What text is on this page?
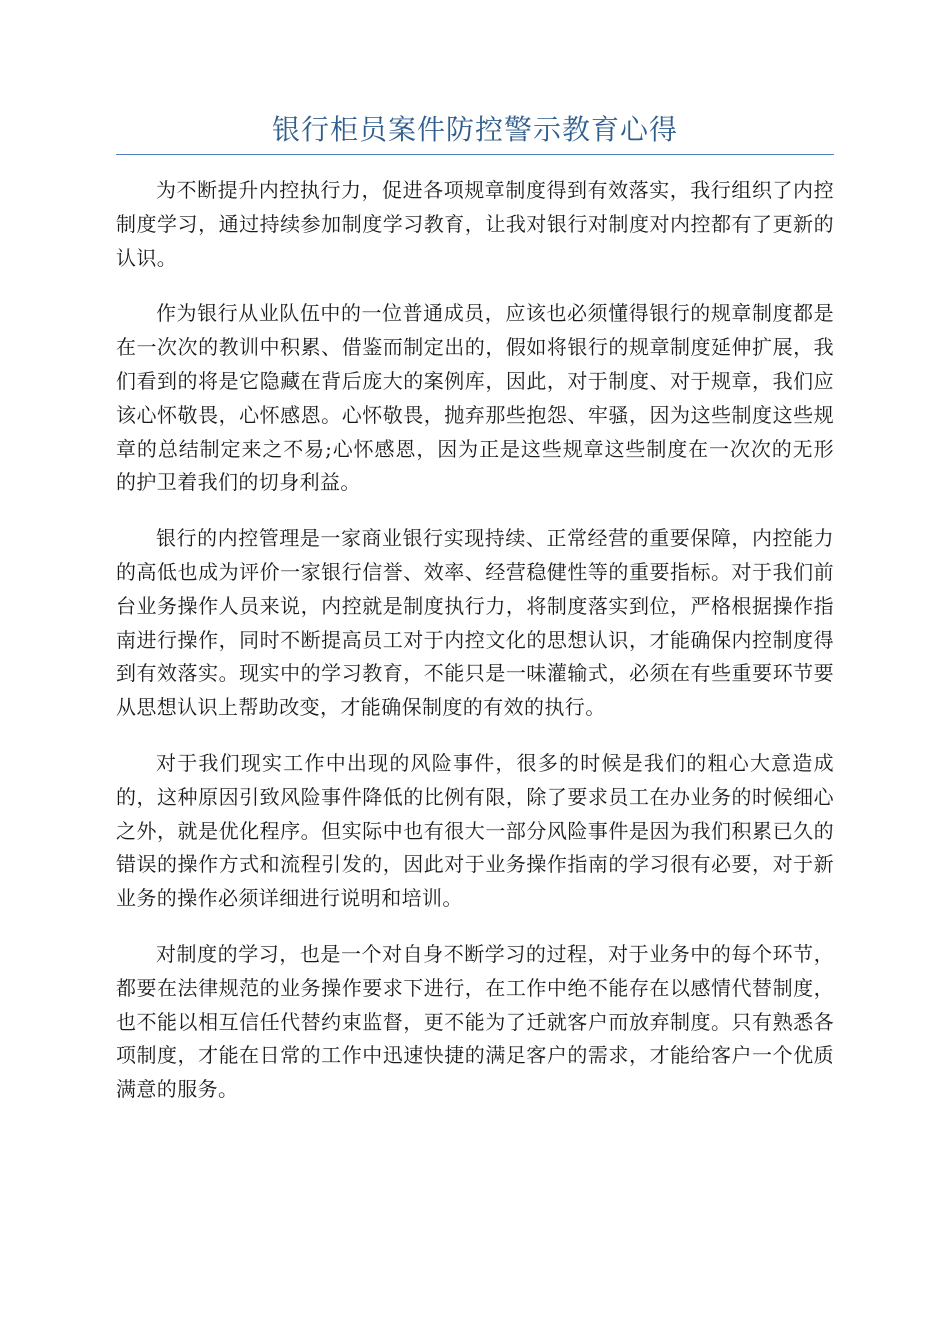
银行柜员案件防控警示教育心得

为不断提升内控执行力，促进各项规章制度得到有效落实，我行组织了内控制度学习，通过持续参加制度学习教育，让我对银行对制度对内控都有了更新的认识。

作为银行从业队伍中的一位普通成员，应该也必须懂得银行的规章制度都是在一次次的教训中积累、借鉴而制定出的，假如将银行的规章制度延伸扩展，我们看到的将是它隐藏在背后庞大的案例库，因此，对于制度、对于规章，我们应该心怀敬畏，心怀感恩。心怀敬畏，抛弃那些抱怨、牢骚，因为这些制度这些规章的总结制定来之不易;心怀感恩，因为正是这些规章这些制度在一次次的无形的护卫着我们的切身利益。

银行的内控管理是一家商业银行实现持续、正常经营的重要保障，内控能力的高低也成为评价一家银行信誉、效率、经营稳健性等的重要指标。对于我们前台业务操作人员来说，内控就是制度执行力，将制度落实到位，严格根据操作指南进行操作，同时不断提高员工对于内控文化的思想认识，才能确保内控制度得到有效落实。现实中的学习教育，不能只是一味灌输式，必须在有些重要环节要从思想认识上帮助改变，才能确保制度的有效的执行。

对于我们现实工作中出现的风险事件，很多的时候是我们的粗心大意造成的，这种原因引致风险事件降低的比例有限，除了要求员工在办业务的时候细心之外，就是优化程序。但实际中也有很大一部分风险事件是因为我们积累已久的错误的操作方式和流程引发的，因此对于业务操作指南的学习很有必要，对于新业务的操作必须详细进行说明和培训。

对制度的学习，也是一个对自身不断学习的过程，对于业务中的每个环节，都要在法律规范的业务操作要求下进行，在工作中绝不能存在以感情代替制度，也不能以相互信任代替约束监督，更不能为了迁就客户而放弃制度。只有熟悉各项制度，才能在日常的工作中迅速快捷的满足客户的需求，才能给客户一个优质满意的服务。
